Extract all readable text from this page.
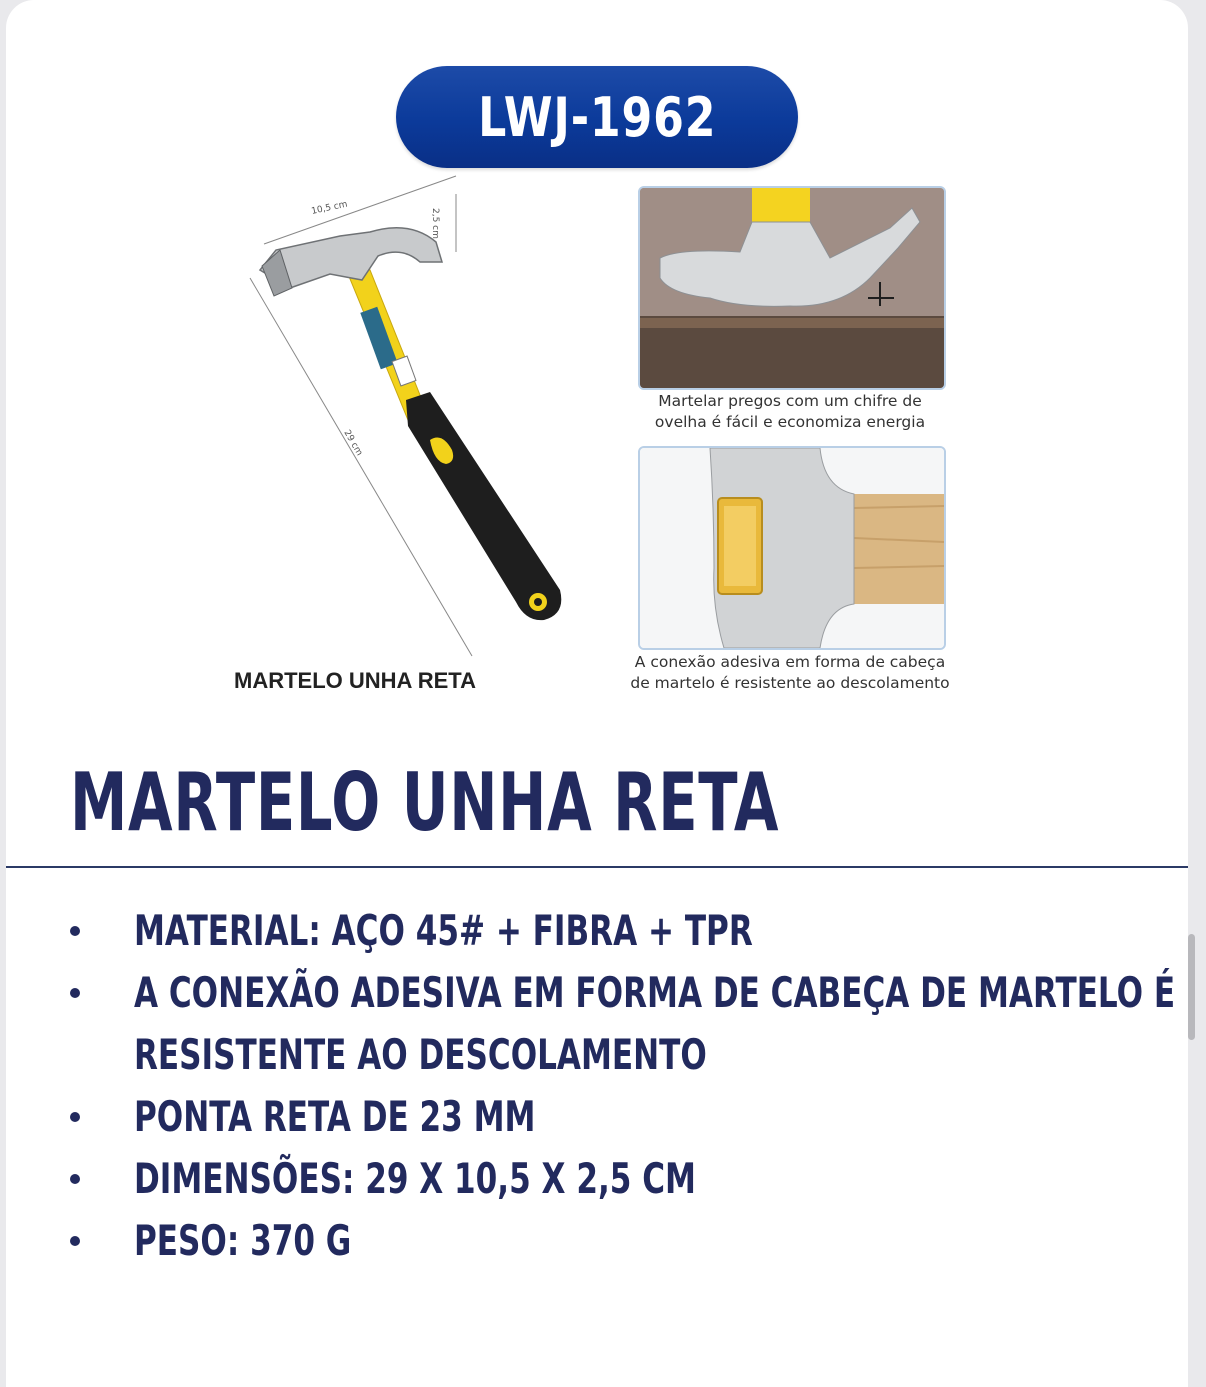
LWJ-1962
10,5 cm	2,5 cm
29 cm
MARTELO UNHA RETA
Martelar pregos com um chifre de
ovelha é fácil e economiza energia
A conexão adesiva em forma de cabeça
de martelo é resistente ao descolamento
MARTELO UNHA RETA
MATERIAL: AÇO 45# + FIBRA + TPR
A CONEXÃO ADESIVA EM FORMA DE CABEÇA DE MARTELO É
RESISTENTE AO DESCOLAMENTO
PONTA RETA DE 23 MM
DIMENSÕES: 29 X 10,5 X 2,5 CM
PESO: 370 G
